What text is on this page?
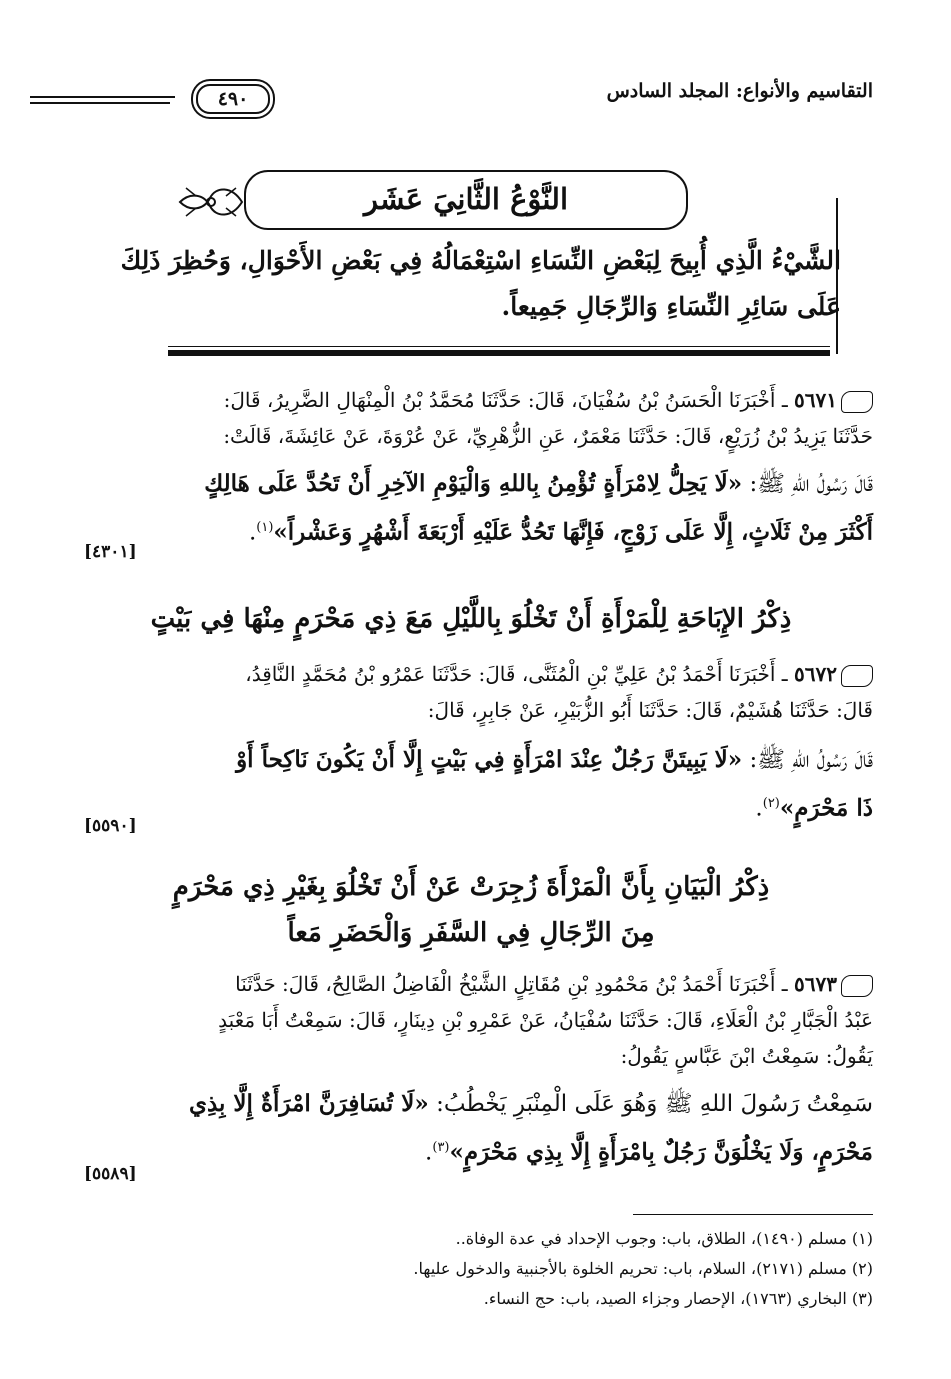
التقاسيم والأنواع: المجلد السادس
٤٩٠
النَّوْعُ الثَّانِيَ عَشَر
الشَّيْءُ الَّذِي أُبِيحَ لِبَعْضِ النِّسَاءِ اسْتِعْمَالُهُ فِي بَعْضِ الأَحْوَالِ، وَحُظِرَ ذَلِكَ
عَلَى سَائِرِ النِّسَاءِ وَالرِّجَالِ جَمِيعاً.
٥٦٧١ ـ أَخْبَرَنَا الْحَسَنُ بْنُ سُفْيَانَ، قَالَ: حَدَّثَنَا مُحَمَّدُ بْنُ الْمِنْهَالِ الضَّرِيرُ، قَالَ:
حَدَّثَنَا يَزِيدُ بْنُ زُرَيْعٍ، قَالَ: حَدَّثَنَا مَعْمَرٌ، عَنِ الزُّهْرِيِّ، عَنْ عُرْوَةَ، عَنْ عَائِشَةَ، قَالَتْ:
قَالَ رَسُولُ اللهِ ﷺ: «لَا يَحِلُّ لِامْرَأَةٍ تُؤْمِنُ بِاللهِ وَالْيَوْمِ الآخِرِ أَنْ تَحُدَّ عَلَى هَالِكٍ
أَكْثَرَ مِنْ ثَلَاثٍ، إِلَّا عَلَى زَوْجٍ، فَإِنَّهَا تَحُدُّ عَلَيْهِ أَرْبَعَةَ أَشْهُرٍ وَعَشْراً»$^{(١)}$.
[٤٣٠١]
ذِكْرُ الإِبَاحَةِ لِلْمَرْأَةِ أَنْ تَخْلُوَ بِاللَّيْلِ مَعَ ذِي مَحْرَمٍ مِنْهَا فِي بَيْتٍ
٥٦٧٢ ـ أَخْبَرَنَا أَحْمَدُ بْنُ عَلِيِّ بْنِ الْمُثَنَّى، قَالَ: حَدَّثَنَا عَمْرُو بْنُ مُحَمَّدٍ النَّاقِدُ،
قَالَ: حَدَّثَنَا هُشَيْمٌ، قَالَ: حَدَّثَنَا أَبُو الزُّبَيْرِ، عَنْ جَابِرٍ، قَالَ:
قَالَ رَسُولُ اللهِ ﷺ: «لَا يَبِيتَنَّ رَجُلٌ عِنْدَ امْرَأَةٍ فِي بَيْتٍ إِلَّا أَنْ يَكُونَ نَاكِحاً أَوْ
ذَا مَحْرَمٍ»$^{(٢)}$.
[٥٥٩٠]
ذِكْرُ الْبَيَانِ بِأَنَّ الْمَرْأَةَ زُجِرَتْ عَنْ أَنْ تَخْلُوَ بِغَيْرِ ذِي مَحْرَمٍ
مِنَ الرِّجَالِ فِي السَّفَرِ وَالْحَضَرِ مَعاً
٥٦٧٣ ـ أَخْبَرَنَا أَحْمَدُ بْنُ مَحْمُودِ بْنِ مُقَاتِلٍ الشَّيْخُ الْفَاضِلُ الصَّالِحُ، قَالَ: حَدَّثَنَا
عَبْدُ الْجَبَّارِ بْنُ الْعَلَاءِ، قَالَ: حَدَّثَنَا سُفْيَانُ، عَنْ عَمْرِو بْنِ دِينَارٍ، قَالَ: سَمِعْتُ أَبَا مَعْبَدٍ
يَقُولُ: سَمِعْتُ ابْنَ عَبَّاسٍ يَقُولُ:
سَمِعْتُ رَسُولَ اللهِ ﷺ وَهُوَ عَلَى الْمِنْبَرِ يَخْطُبُ: «لَا تُسَافِرَنَّ امْرَأَةٌ إِلَّا بِذِي
مَحْرَمٍ، وَلَا يَخْلُوَنَّ رَجُلٌ بِامْرَأَةٍ إِلَّا بِذِي مَحْرَمٍ»$^{(٣)}$.
[٥٥٨٩]
(١) مسلم (١٤٩٠)، الطلاق، باب: وجوب الإحداد في عدة الوفاة..
(٢) مسلم (٢١٧١)، السلام، باب: تحريم الخلوة بالأجنبية والدخول عليها.
(٣) البخاري (١٧٦٣)، الإحصار وجزاء الصيد، باب: حج النساء.
